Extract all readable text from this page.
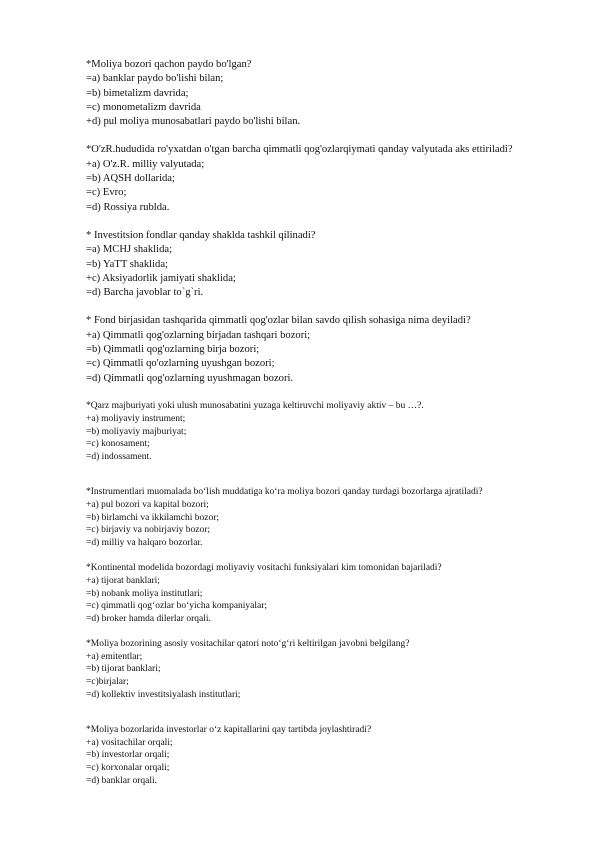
*Moliya bozori qachon paydo bo'lgan?
=a) banklar paydo bo'lishi bilan;
=b) bimetalizm davrida;
=c) monometalizm davrida
+d) pul moliya munosabatlari paydo bo'lishi bilan.
*O'zR.hududida ro'yxatdan o'tgan barcha qimmatli qog'ozlarqiymati qanday valyutada aks ettiriladi?
+a) O'z.R. milliy valyutada;
=b) AQSH dollarida;
=c) Evro;
=d) Rossiya rublda.
* Investitsion fondlar qanday shaklda tashkil qilinadi?
=a) MCHJ shaklida;
=b) YaTT shaklida;
+c) Aksiyadorlik jamiyati shaklida;
=d) Barcha javoblar to`g`ri.
* Fond birjasidan tashqarida qimmatli qog'ozlar bilan savdo qilish sohasiga nima deyiladi?
+a) Qimmatli qog'ozlarning birjadan tashqari bozori;
=b) Qimmatli qog'ozlarning birja bozori;
=c) Qimmatli qo'ozlarning uyushgan bozori;
=d) Qimmatli qog'ozlarning uyushmagan bozori.
*Qarz majburiyati yoki ulush munosabatini yuzaga keltiruvchi moliyaviy aktiv – bu …?.
+a) moliyaviy instrument;
=b) moliyaviy majburiyat;
=c) konosament;
=d) indossament.
*Instrumentlari muomalada bo‘lish muddatiga ko‘ra moliya bozori qanday turdagi bozorlarga ajratiladi?
+a) pul bozori va kapital bozori;
=b) birlamchi va ikkilamchi bozor;
=c) birjaviy va nobirjaviy bozor;
=d) milliy va halqaro bozorlar.
*Kontinental modelida bozordagi moliyaviy vositachi funksiyalari kim tomonidan bajariladi?
+a) tijorat banklari;
=b) nobank moliya institutlari;
=c) qimmatli qog‘ozlar bo‘yicha kompaniyalar;
=d) broker hamda dilerlar orqali.
*Moliya bozorining asosiy vositachilar qatori noto‘g‘ri keltirilgan javobni belgilang?
+a) emitentlar;
=b) tijorat banklari;
=c)birjalar;
=d) kollektiv investitsiyalash institutlari;
*Moliya bozorlarida investorlar o‘z kapitallarini qay tartibda joylashtiradi?
+a) vositachilar orqali;
=b) investorlar orqali;
=c) korxonalar orqali;
=d) banklar orqali.
